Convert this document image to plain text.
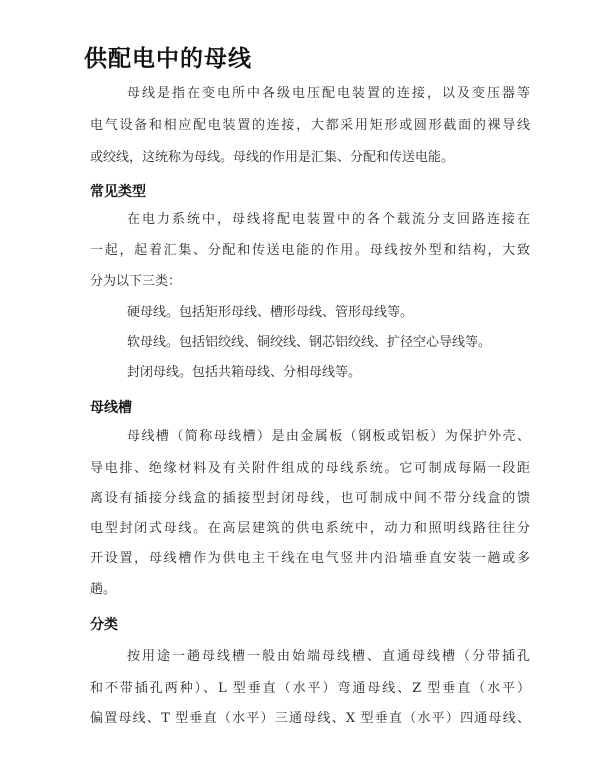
供配电中的母线
母线是指在变电所中各级电压配电装置的连接，以及变压器等
电气设备和相应配电装置的连接，大都采用矩形或圆形截面的裸导线
或绞线，这统称为母线。母线的作用是汇集、分配和传送电能。
常见类型
在电力系统中，母线将配电装置中的各个载流分支回路连接在
一起，起着汇集、分配和传送电能的作用。母线按外型和结构，大致
分为以下三类：
硬母线。包括矩形母线、槽形母线、管形母线等。
软母线。包括铝绞线、铜绞线、钢芯铝绞线、扩径空心导线等。
封闭母线。包括共箱母线、分相母线等。
母线槽
母线槽（简称母线槽）是由金属板（钢板或铝板）为保护外壳、
导电排、绝缘材料及有关附件组成的母线系统。它可制成每隔一段距
离设有插接分线盒的插接型封闭母线，也可制成中间不带分线盒的馈
电型封闭式母线。在高层建筑的供电系统中，动力和照明线路往往分
开设置，母线槽作为供电主干线在电气竖井内沿墙垂直安装一趟或多
趟。
分类
按用途一趟母线槽一般由始端母线槽、直通母线槽（分带插孔
和不带插孔两种）、L 型垂直（水平）弯通母线、Z 型垂直（水平）
偏置母线、T 型垂直（水平）三通母线、X 型垂直（水平）四通母线、
